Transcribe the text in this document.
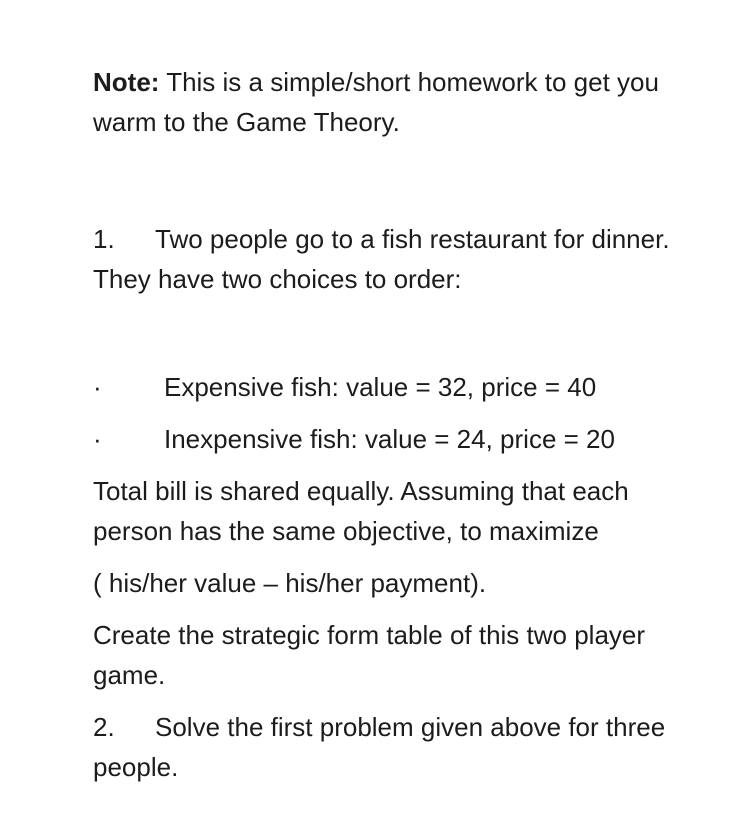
Note: This is a simple/short homework to get you warm to the Game Theory.

1. Two people go to a fish restaurant for dinner. They have two choices to order:

· Expensive fish: value = 32, price = 40
· Inexpensive fish: value = 24, price = 20

Total bill is shared equally. Assuming that each person has the same objective, to maximize

( his/her value – his/her payment).

Create the strategic form table of this two player game.

2. Solve the first problem given above for three people.
